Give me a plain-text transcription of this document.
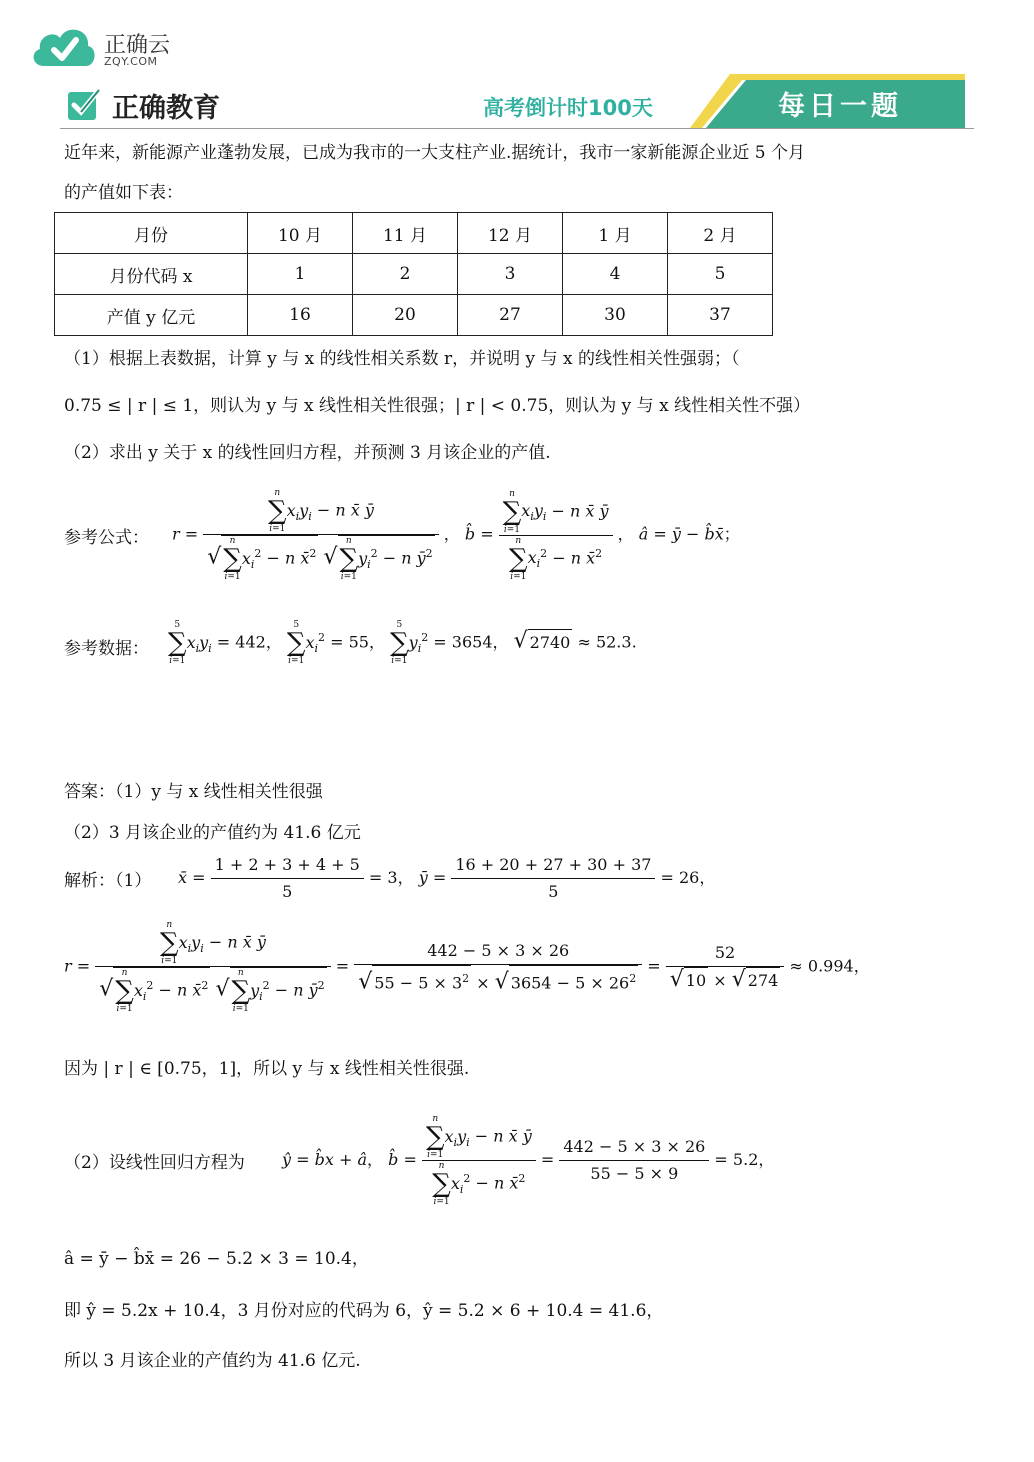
正确云
ZQY.COM
正确教育	高考倒计时100天	每日一题
近年来，新能源产业蓬勃发展，已成为我市的一大支柱产业.据统计，我市一家新能源企业近 5 个月
的产值如下表：
月份	10 月	11 月	12 月	1 月	2 月
月份代码 x	1	2	3	4	5
产值 y 亿元	16	20	27	30	37
（1）根据上表数据，计算 y 与 x 的线性相关系数 r，并说明 y 与 x 的线性相关性强弱；（
0.75 ≤ | r | ≤ 1，则认为 y 与 x 线性相关性很强；| r | < 0.75，则认为 y 与 x 线性相关性不强）
（2）求出 y 关于 x 的线性回归方程，并预测 3 月该企业的产值.
参考公式： r = n
∑
i=1
$x_iy_i - n$ x̄ ȳ
√
n
∑
i=1
$x_i^2 - n$ x̄$^2$ √
n
∑
i=1
$y_i^2 - n$ $ȳ^2$ ， b̂ = n
∑
i=1
$x_iy_i - n$ x̄ ȳ
n
∑
i=1
$x_i^2 - n$ x̄$^2$ ， â = ȳ − b̂x̄；
参考数据：
5
∑
i=1
$x_iy_i = 442$，
5
∑
i=1
$x_i^2 = 55$，
5
∑
i=1
$y_i^2 = 3654$， √ 2740 ≈ 52.3.
答案：（1）y 与 x 线性相关性很强
（2）3 月该企业的产值约为 41.6 亿元
解析：（1） x̄ = $\frac{1 + 2 + 3 + 4 + 5}{5} = 3$， ȳ = $\frac{16 + 20 + 27 + 30 + 37}{5} = 26$，
r = n
∑
i=1
$x_iy_i - n$ x̄ ȳ
√
n
∑
i=1
$x_i^2 - n$ x̄$^2$ √
n
∑
i=1
$y_i^2 - n$ $ȳ^2 = \frac{442 - 5 \times 3 \times 26}{√ 55 - 5 \times 3^2 \times √ 3654 - 5 \times 26^2} = \frac{52}{√ 10 \times √ 274} \approx 0.994$，
因为 | r | ∈ [0.75，1]，所以 y 与 x 线性相关性很强.
（2）设线性回归方程为 ŷ = b̂x + â， b̂ = n
∑
i=1
$x_iy_i - n$ x̄ ȳ
n
∑
i=1
$x_i^2 - n$ x̄$^2$ = $\frac{442 - 5 \times 3 \times 26}{55 - 5 \times 9} = 5.2$，
â = ȳ − b̂x̄ = 26 − 5.2 × 3 = 10.4，
即 ŷ = 5.2x + 10.4，3 月份对应的代码为 6，ŷ = 5.2 × 6 + 10.4 = 41.6，
所以 3 月该企业的产值约为 41.6 亿元.
